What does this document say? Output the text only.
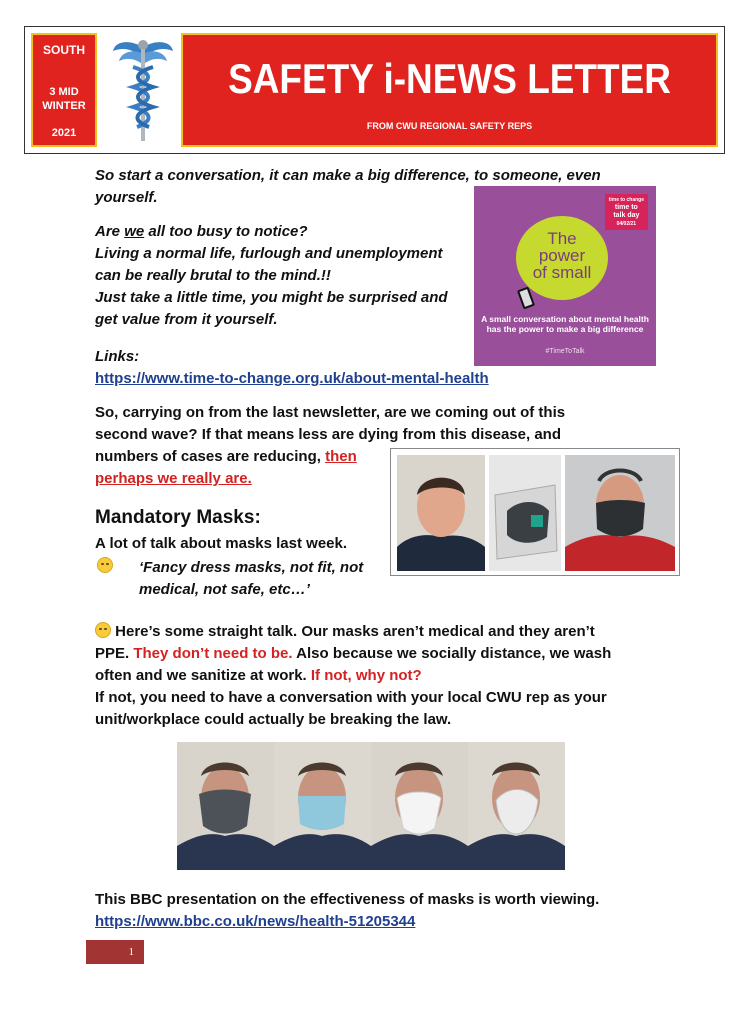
SOUTH
3 MID
WINTER
2021
SAFETY i-NEWS LETTER
FROM CWU REGIONAL SAFETY REPS
So start a conversation, it can make a big difference, to someone, even
yourself.
Are we all too busy to notice?
Living a normal life, furlough and unemployment
can be really brutal to the mind.!!
Just take a little time, you might be surprised and
get value from it yourself.
time to change
time to
talk day
04/02/21
The
power
of small
A small conversation about mental health has the power to make a big difference
#TimeToTalk
Links:
https://www.time-to-change.org.uk/about-mental-health
So, carrying on from the last newsletter, are we coming out of this
second wave? If that means less are dying from this disease, and
numbers of cases are reducing, then
perhaps we really are.
Mandatory Masks:
A lot of talk about masks last week.
‘Fancy dress masks, not fit, not
medical, not safe, etc…’
Here’s some straight talk. Our masks aren’t medical and they aren’t
PPE. They don’t need to be. Also because we socially distance, we wash
often and we sanitize at work. If not, why not?
If not, you need to have a conversation with your local CWU rep as your
unit/workplace could actually be breaking the law.
This BBC presentation on the effectiveness of masks is worth viewing.
https://www.bbc.co.uk/news/health-51205344
1
